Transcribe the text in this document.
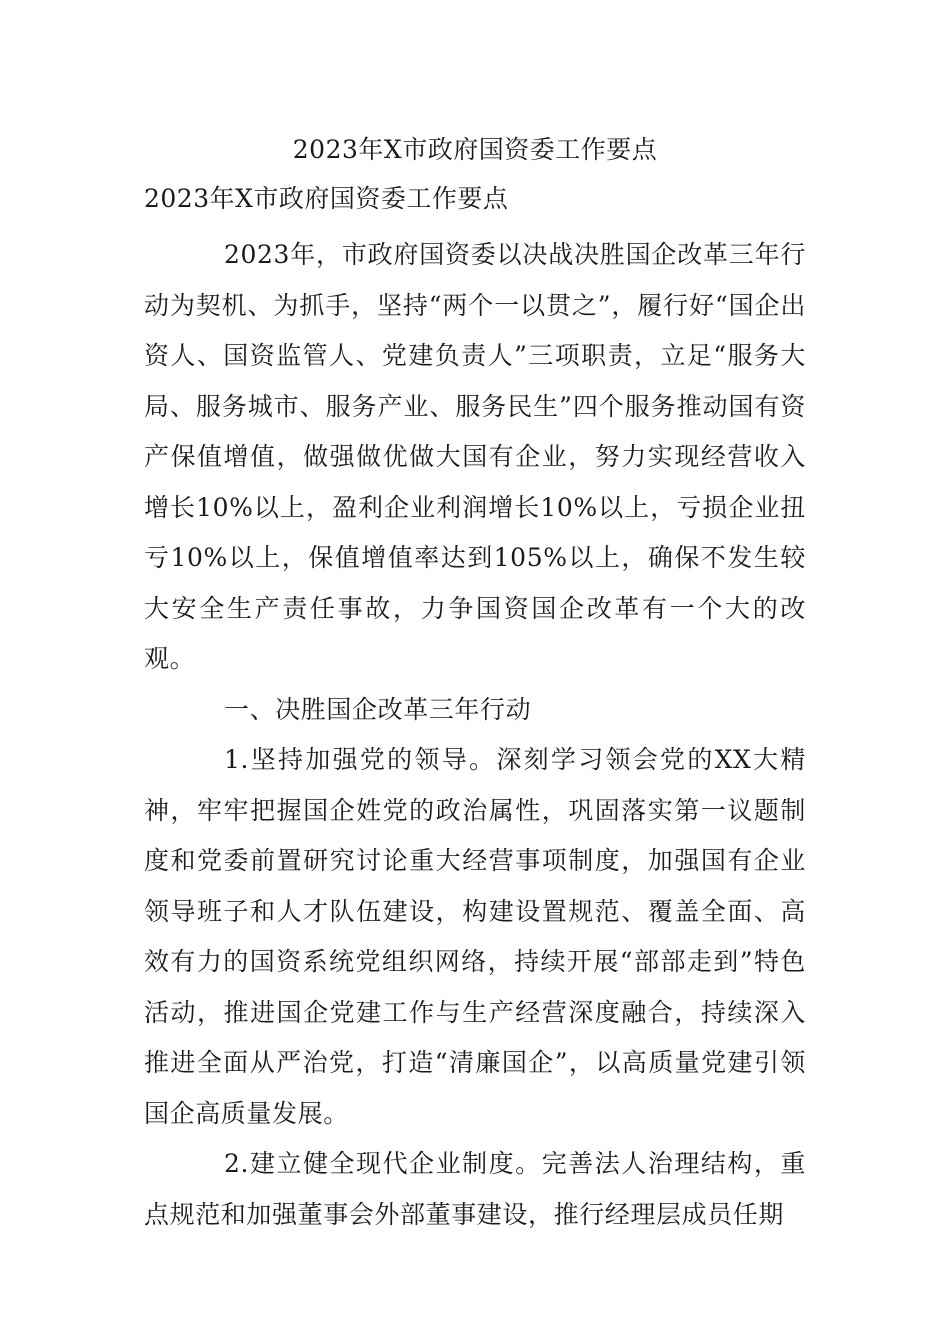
2023年X市政府国资委工作要点
2023年X市政府国资委工作要点

2023年，市政府国资委以决战决胜国企改革三年行动为契机、为抓手，坚持“两个一以贯之”，履行好“国企出资人、国资监管人、党建负责人”三项职责，立足“服务大局、服务城市、服务产业、服务民生”四个服务推动国有资产保值增值，做强做优做大国有企业，努力实现经营收入增长10%以上，盈利企业利润增长10%以上，亏损企业扭亏10%以上，保值增值率达到105%以上，确保不发生较大安全生产责任事故，力争国资国企改革有一个大的改观。

一、决胜国企改革三年行动

1.坚持加强党的领导。深刻学习领会党的XX大精神，牢牢把握国企姓党的政治属性，巩固落实第一议题制度和党委前置研究讨论重大经营事项制度，加强国有企业领导班子和人才队伍建设，构建设置规范、覆盖全面、高效有力的国资系统党组织网络，持续开展“部部走到”特色活动，推进国企党建工作与生产经营深度融合，持续深入推进全面从严治党，打造“清廉国企”，以高质量党建引领国企高质量发展。

2.建立健全现代企业制度。完善法人治理结构，重点规范和加强董事会外部董事建设，推行经理层成员任期
